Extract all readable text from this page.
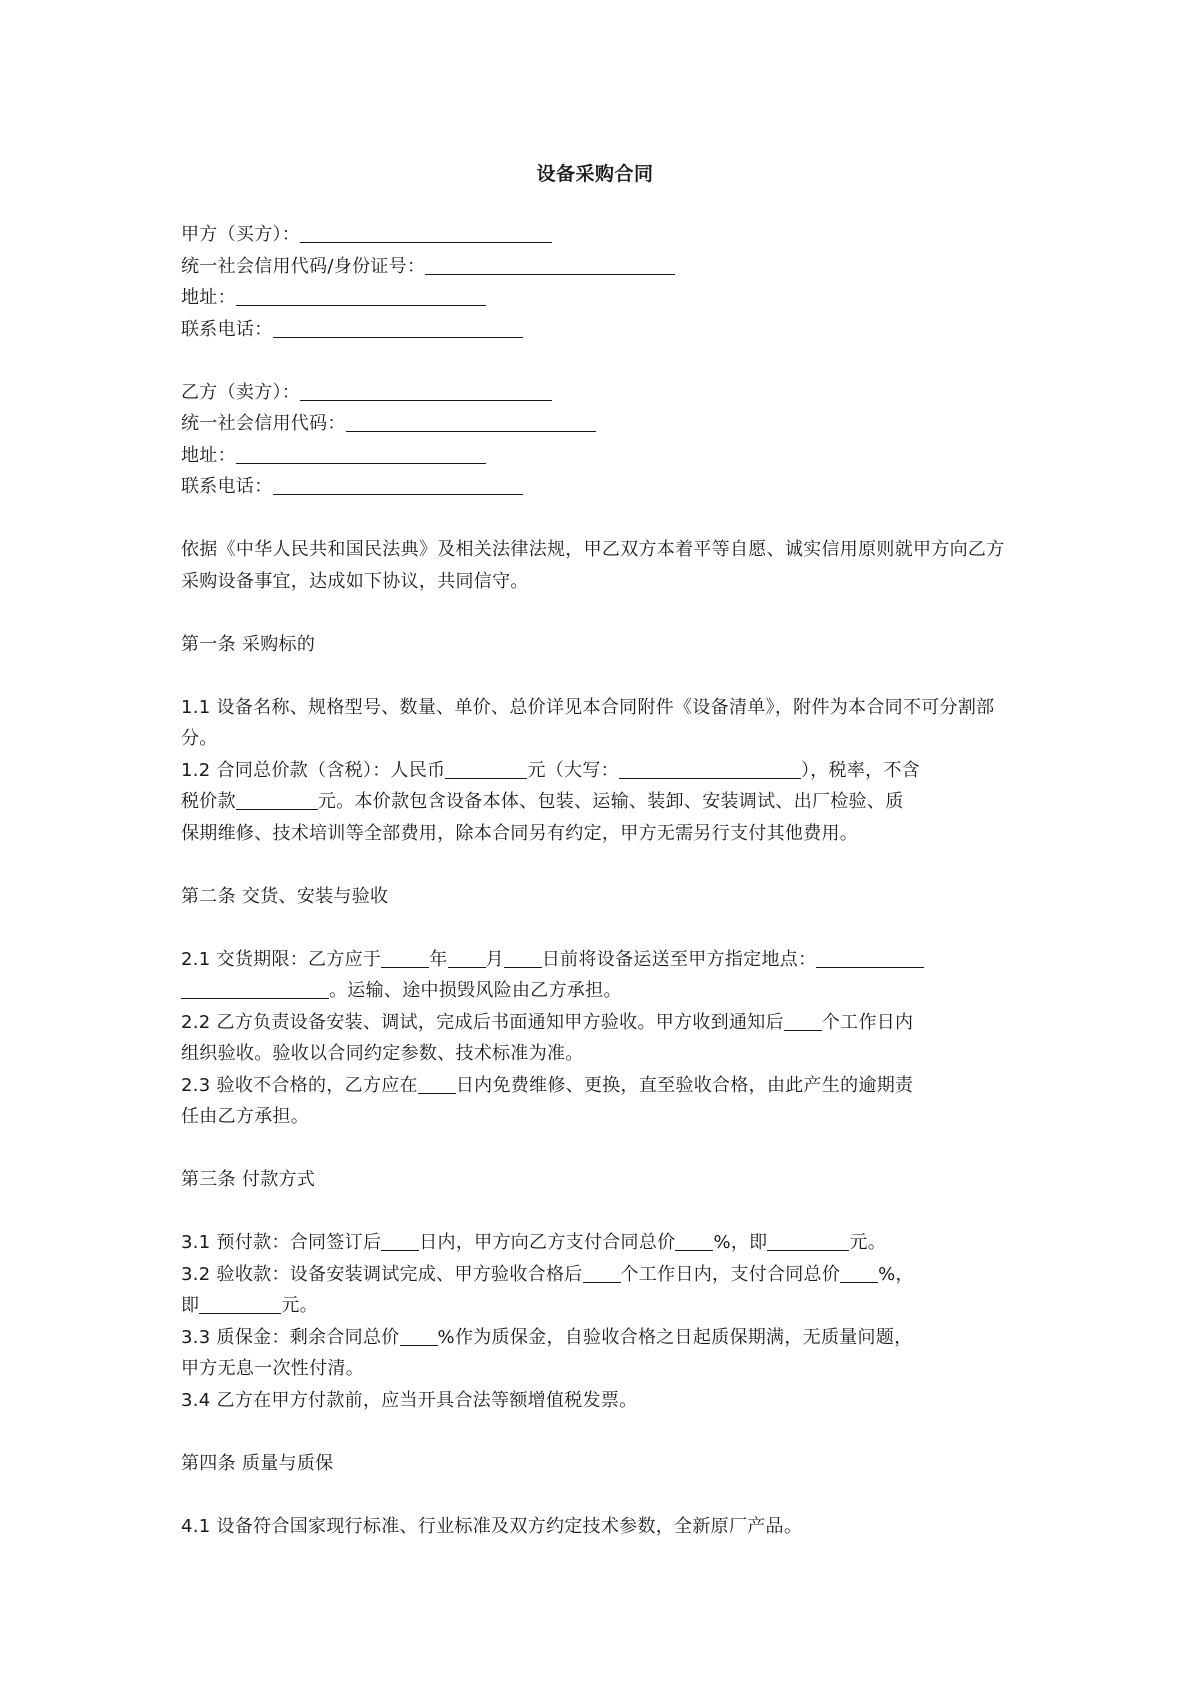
设备采购合同

甲方（买方）：

统一社会信用代码/身份证号：

地址：

联系电话：

乙方（卖方）：

统一社会信用代码：

地址：

联系电话：

依据《中华人民共和国民法典》及相关法律法规，甲乙双方本着平等自愿、诚实信用原则就甲方向乙方采购设备事宜，达成如下协议，共同信守。

第一条 采购标的

1.1 设备名称、规格型号、数量、单价、总价详见本合同附件《设备清单》，附件为本合同不可分割部分。

1.2 合同总价款（含税）：人民币	元（大写：	），税率，不含
税价款	元。本价款包含设备本体、包装、运输、装卸、安装调试、出厂检验、质
保期维修、技术培训等全部费用，除本合同另有约定，甲方无需另行支付其他费用。

第二条 交货、安装与验收

2.1 交货期限：乙方应于	年 月 日前将设备运送至甲方指定地点：
。运输、途中损毁风险由乙方承担。

2.2 乙方负责设备安装、调试，完成后书面通知甲方验收。甲方收到通知后 个工作日内
组织验收。验收以合同约定参数、技术标准为准。

2.3 验收不合格的，乙方应在 日内免费维修、更换，直至验收合格，由此产生的逾期责
任由乙方承担。

第三条 付款方式

3.1 预付款：合同签订后 日内，甲方向乙方支付合同总价 %，即	元。

3.2 验收款：设备安装调试完成、甲方验收合格后 个工作日内，支付合同总价 %，
即	元。

3.3 质保金：剩余合同总价 %作为质保金，自验收合格之日起质保期满，无质量问题，
甲方无息一次性付清。

3.4 乙方在甲方付款前，应当开具合法等额增值税发票。

第四条 质量与质保

4.1 设备符合国家现行标准、行业标准及双方约定技术参数，全新原厂产品。
